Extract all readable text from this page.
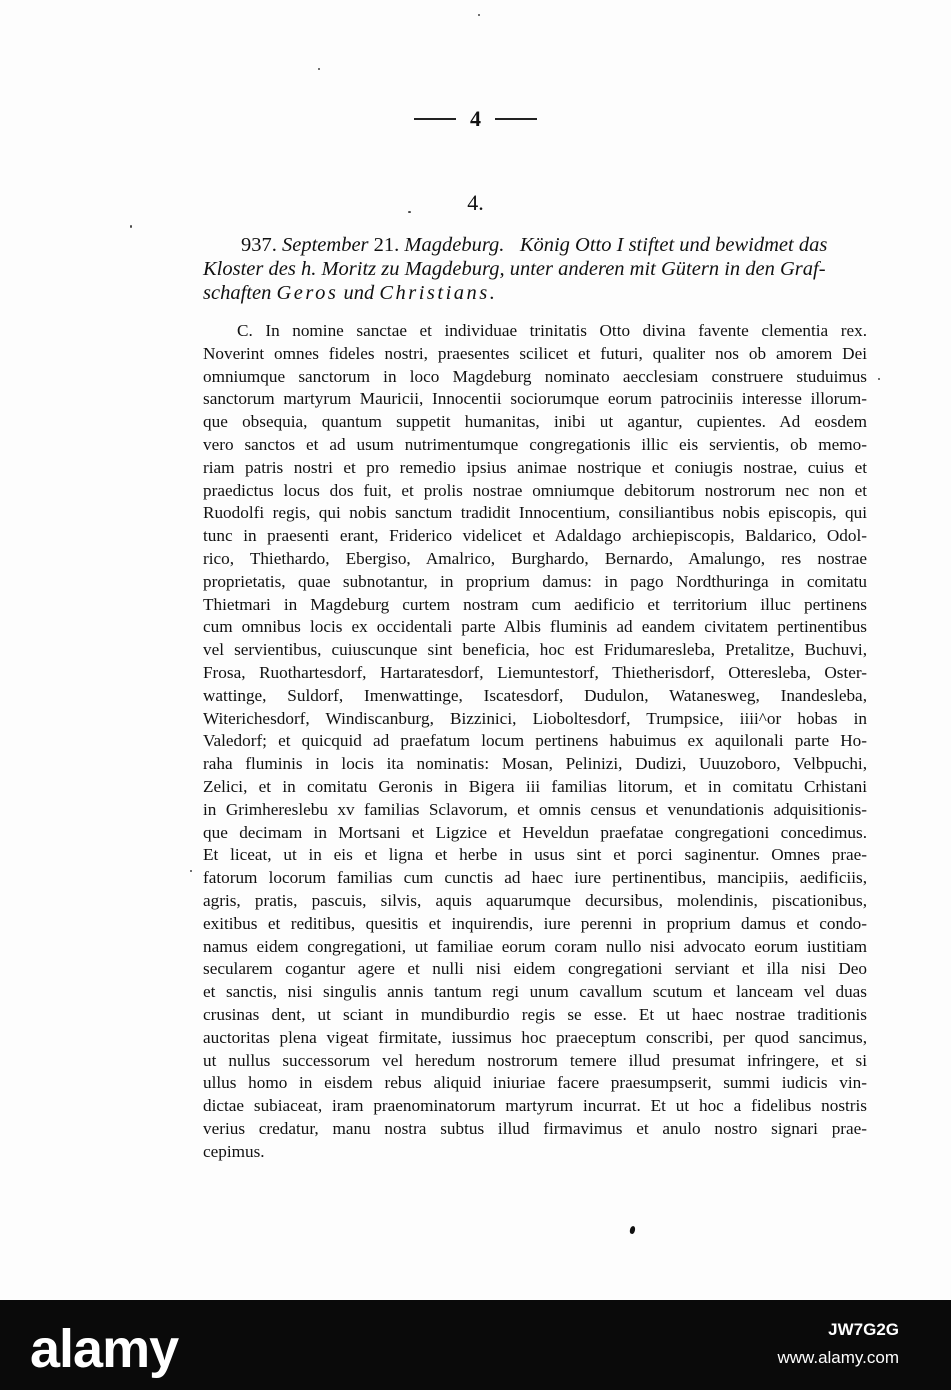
4
4.
937. September 21. Magdeburg. König Otto I stiftet und bewidmet das
Kloster des h. Moritz zu Magdeburg, unter anderen mit Gütern in den Graf-
schaften Geros und Christians.
C. In nomine sanctae et individuae trinitatis Otto divina favente clementia rex.
Noverint omnes fideles nostri, praesentes scilicet et futuri, qualiter nos ob amorem Dei
omniumque sanctorum in loco Magdeburg nominato aecclesiam construere studuimus
sanctorum martyrum Mauricii, Innocentii sociorumque eorum patrociniis interesse illorum-
que obsequia, quantum suppetit humanitas, inibi ut agantur, cupientes. Ad eosdem
vero sanctos et ad usum nutrimentumque congregationis illic eis servientis, ob memo-
riam patris nostri et pro remedio ipsius animae nostrique et coniugis nostrae, cuius et
praedictus locus dos fuit, et prolis nostrae omniumque debitorum nostrorum nec non et
Ruodolfi regis, qui nobis sanctum tradidit Innocentium, consiliantibus nobis episcopis, qui
tunc in praesenti erant, Friderico videlicet et Adaldago archiepiscopis, Baldarico, Odol-
rico, Thiethardo, Ebergiso, Amalrico, Burghardo, Bernardo, Amalungo, res nostrae
proprietatis, quae subnotantur, in proprium damus: in pago Nordthuringa in comitatu
Thietmari in Magdeburg curtem nostram cum aedificio et territorium illuc pertinens
cum omnibus locis ex occidentali parte Albis fluminis ad eandem civitatem pertinentibus
vel servientibus, cuiuscunque sint beneficia, hoc est Fridumaresleba, Pretalitze, Buchuvi,
Frosa, Ruothartesdorf, Hartaratesdorf, Liemuntestorf, Thietherisdorf, Otteresleba, Oster-
wattinge, Suldorf, Imenwattinge, Iscatesdorf, Dudulon, Watanesweg, Inandesleba,
Witerichesdorf, Windiscanburg, Bizzinici, Lioboltesdorf, Trumpsice, iiii^or hobas in
Valedorf; et quicquid ad praefatum locum pertinens habuimus ex aquilonali parte Ho-
raha fluminis in locis ita nominatis: Mosan, Pelinizi, Dudizi, Uuuzoboro, Velbpuchi,
Zelici, et in comitatu Geronis in Bigera iii familias litorum, et in comitatu Crhistani
in Grimhereslebu xv familias Sclavorum, et omnis census et venundationis adquisitionis-
que decimam in Mortsani et Ligzice et Heveldun praefatae congregationi concedimus.
Et liceat, ut in eis et ligna et herbe in usus sint et porci saginentur. Omnes prae-
fatorum locorum familias cum cunctis ad haec iure pertinentibus, mancipiis, aedificiis,
agris, pratis, pascuis, silvis, aquis aquarumque decursibus, molendinis, piscationibus,
exitibus et reditibus, quesitis et inquirendis, iure perenni in proprium damus et condo-
namus eidem congregationi, ut familiae eorum coram nullo nisi advocato eorum iustitiam
secularem cogantur agere et nulli nisi eidem congregationi serviant et illa nisi Deo
et sanctis, nisi singulis annis tantum regi unum cavallum scutum et lanceam vel duas
crusinas dent, ut sciant in mundiburdio regis se esse. Et ut haec nostrae traditionis
auctoritas plena vigeat firmitate, iussimus hoc praeceptum conscribi, per quod sancimus,
ut nullus successorum vel heredum nostrorum temere illud presumat infringere, et si
ullus homo in eisdem rebus aliquid iniuriae facere praesumpserit, summi iudicis vin-
dictae subiaceat, iram praenominatorum martyrum incurrat. Et ut hoc a fidelibus nostris
verius credatur, manu nostra subtus illud firmavimus et anulo nostro signari prae-
cepimus.
alamy	JW7G2G
www.alamy.com
